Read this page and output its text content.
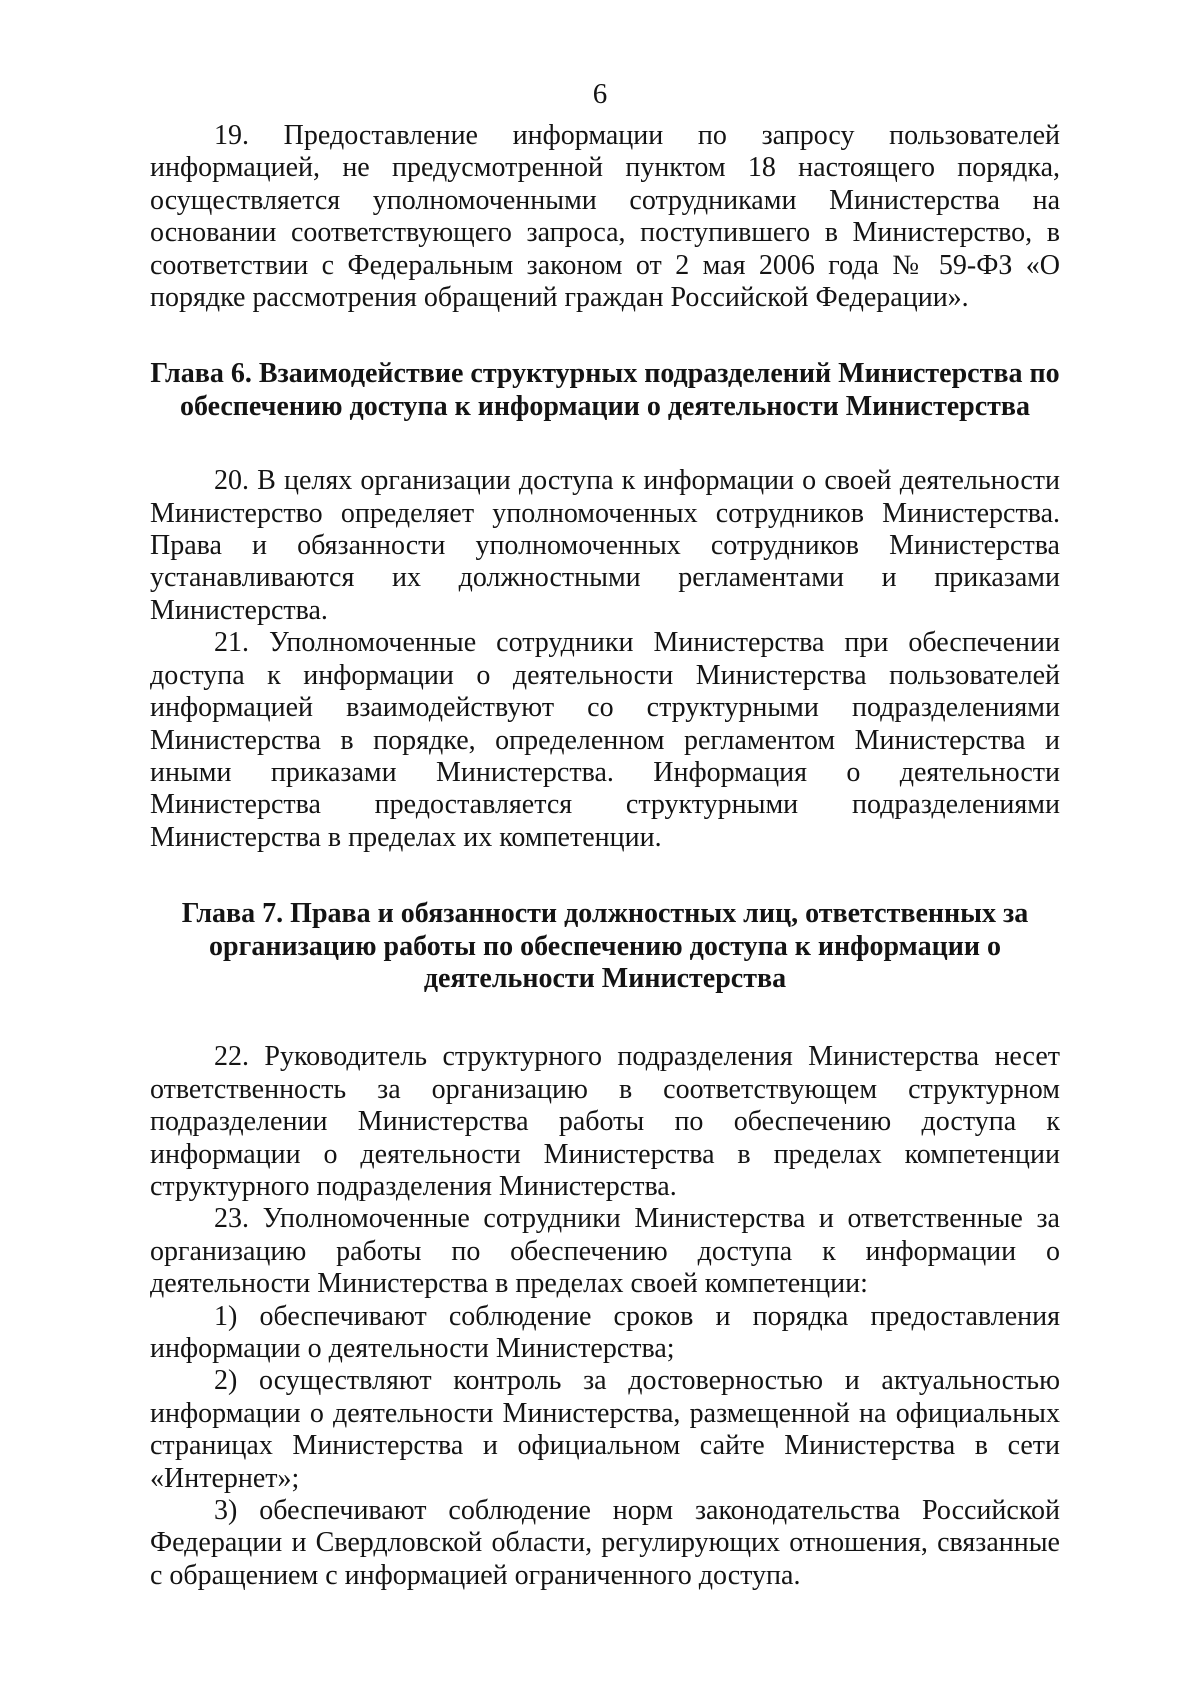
6

19. Предоставление информации по запросу пользователей информацией, не предусмотренной пунктом 18 настоящего порядка, осуществляется уполномоченными сотрудниками Министерства на основании соответствующего запроса, поступившего в Министерство, в соответствии с Федеральным законом от 2 мая 2006 года № 59-ФЗ «О порядке рассмотрения обращений граждан Российской Федерации».

Глава 6. Взаимодействие структурных подразделений Министерства по обеспечению доступа к информации о деятельности Министерства

20. В целях организации доступа к информации о своей деятельности Министерство определяет уполномоченных сотрудников Министерства. Права и обязанности уполномоченных сотрудников Министерства устанавливаются их должностными регламентами и приказами Министерства.

21. Уполномоченные сотрудники Министерства при обеспечении доступа к информации о деятельности Министерства пользователей информацией взаимодействуют со структурными подразделениями Министерства в порядке, определенном регламентом Министерства и иными приказами Министерства. Информация о деятельности Министерства предоставляется структурными подразделениями Министерства в пределах их компетенции.

Глава 7. Права и обязанности должностных лиц, ответственных за организацию работы по обеспечению доступа к информации о деятельности Министерства

22. Руководитель структурного подразделения Министерства несет ответственность за организацию в соответствующем структурном подразделении Министерства работы по обеспечению доступа к информации о деятельности Министерства в пределах компетенции структурного подразделения Министерства.

23. Уполномоченные сотрудники Министерства и ответственные за организацию работы по обеспечению доступа к информации о деятельности Министерства в пределах своей компетенции:

1) обеспечивают соблюдение сроков и порядка предоставления информации о деятельности Министерства;

2) осуществляют контроль за достоверностью и актуальностью информации о деятельности Министерства, размещенной на официальных страницах Министерства и официальном сайте Министерства в сети «Интернет»;

3) обеспечивают соблюдение норм законодательства Российской Федерации и Свердловской области, регулирующих отношения, связанные с обращением с информацией ограниченного доступа.
